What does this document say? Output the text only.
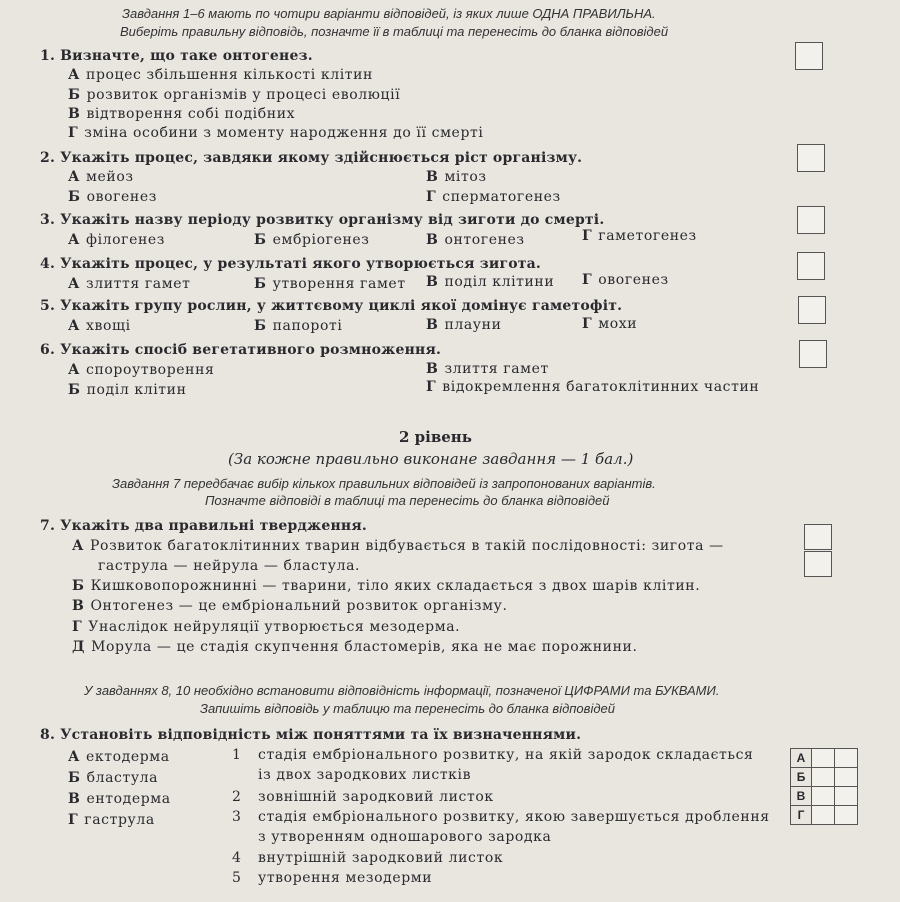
Завдання 1–6 мають по чотири варіанти відповідей, із яких лише ОДНА ПРАВИЛЬНА.
Виберіть правильну відповідь, позначте її в таблиці та перенесіть до бланка відповідей
1. Визначте, що таке онтогенез.
А процес збільшення кількості клітин
Б розвиток організмів у процесі еволюції
В відтворення собі подібних
Г зміна особини з моменту народження до її смерті
2. Укажіть процес, завдяки якому здійснюється ріст організму.
А мейоз
Б овогенез
В мітоз
Г сперматогенез
3. Укажіть назву періоду розвитку організму від зиготи до смерті.
А філогенез	Б ембріогенез	В онтогенез	Г гаметогенез
4. Укажіть процес, у результаті якого утворюється зигота.
А злиття гамет	Б утворення гамет В поділ клітини Г овогенез
5. Укажіть групу рослин, у життєвому циклі якої домінує гаметофіт.
А хвощі	Б папороті	В плауни	Г мохи
6. Укажіть спосіб вегетативного розмноження.
А спороутворення
Б поділ клітин
В злиття гамет
Г відокремлення багатоклітинних частин
2 рівень
(За кожне правильно виконане завдання — 1 бал.)
Завдання 7 передбачає вибір кількох правильних відповідей із запропонованих варіантів.
Позначте відповіді в таблиці та перенесіть до бланка відповідей
7. Укажіть два правильні твердження.
А Розвиток багатоклітинних тварин відбувається в такій послідовності: зигота —
гаструла — нейрула — бластула.
Б Кишковопорожнинні — тварини, тіло яких складається з двох шарів клітин.
В Онтогенез — це ембріональний розвиток організму.
Г Унаслідок нейруляції утворюється мезодерма.
Д Морула — це стадія скупчення бластомерів, яка не має порожнини.
У завданнях 8, 10 необхідно встановити відповідність інформації, позначеної ЦИФРАМИ та БУКВАМИ.
Запишіть відповідь у таблицю та перенесіть до бланка відповідей
8. Установіть відповідність між поняттями та їх визначеннями.
А ектодерма
Б бластула
В ентодерма
Г гаструла
1 стадія ембріонального розвитку, на якій зародок складається
із двох зародкових листків
2 зовнішній зародковий листок
3 стадія ембріонального розвитку, якою завершується дроблення
з утворенням одношарового зародка
4 внутрішній зародковий листок
5 утворення мезодерми
А		
Б		
В		
Г		
